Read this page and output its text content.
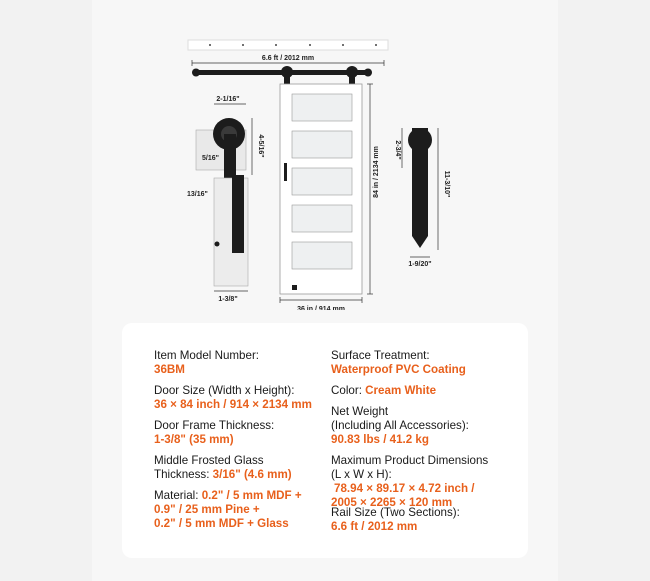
6.6 ft / 2012 mm
84 in / 2134 mm
36 in / 914 mm
2-1/16"
4-5/16"
5/16"
13/16"
1-3/8"
2-3/4"
11-3/10"
1-9/20"
Item Model Number:
36BM
Door Size (Width x Height):
36 × 84 inch / 914 × 2134 mm
Door Frame Thickness:
1-3/8" (35 mm)
Middle Frosted Glass
Thickness: 3/16" (4.6 mm)
Material: 0.2" / 5 mm MDF +
0.9" / 25 mm Pine +
0.2" / 5 mm MDF + Glass
Surface Treatment:
Waterproof PVC Coating
Color: Cream White
Net Weight
(Including All Accessories):
90.83 lbs / 41.2 kg
Maximum Product Dimensions
(L x W x H):
78.94 × 89.17 × 4.72 inch /
2005 × 2265 × 120 mm
Rail Size (Two Sections):
6.6 ft / 2012 mm
